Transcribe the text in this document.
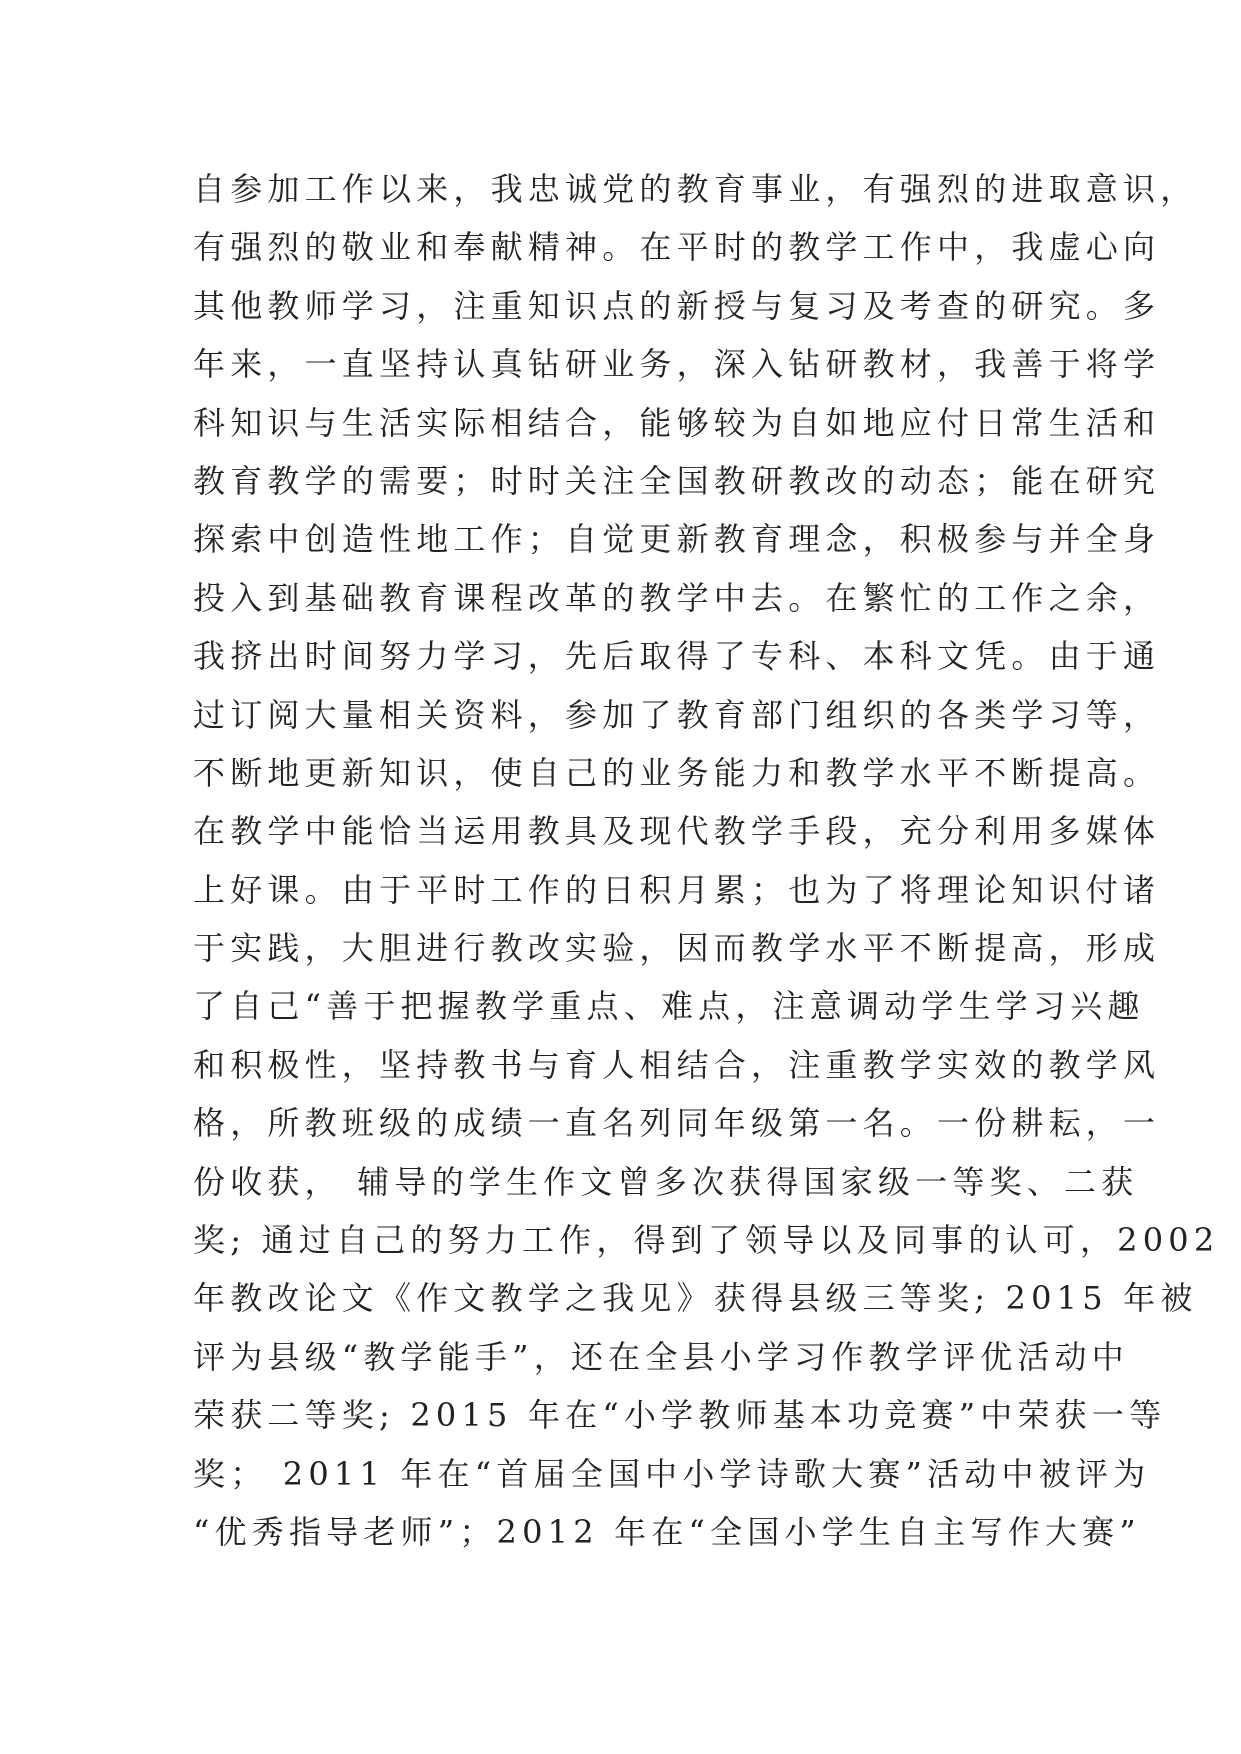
自参加工作以来，我忠诚党的教育事业，有强烈的进取意识，
有强烈的敬业和奉献精神。在平时的教学工作中，我虚心向
其他教师学习，注重知识点的新授与复习及考查的研究。多
年来，一直坚持认真钻研业务，深入钻研教材，我善于将学
科知识与生活实际相结合，能够较为自如地应付日常生活和
教育教学的需要；时时关注全国教研教改的动态；能在研究
探索中创造性地工作；自觉更新教育理念，积极参与并全身
投入到基础教育课程改革的教学中去。在繁忙的工作之余，
我挤出时间努力学习，先后取得了专科、本科文凭。由于通
过订阅大量相关资料，参加了教育部门组织的各类学习等，
不断地更新知识，使自己的业务能力和教学水平不断提高。
在教学中能恰当运用教具及现代教学手段，充分利用多媒体
上好课。由于平时工作的日积月累；也为了将理论知识付诸
于实践，大胆进行教改实验，因而教学水平不断提高，形成
了自己“善于把握教学重点、难点，注意调动学生学习兴趣
和积极性，坚持教书与育人相结合，注重教学实效的教学风
格，所教班级的成绩一直名列同年级第一名。一份耕耘，一
份收获， 辅导的学生作文曾多次获得国家级一等奖、二获
奖; 通过自己的努力工作，得到了领导以及同事的认可，2002
年教改论文《作文教学之我见》获得县级三等奖; 2015 年被
评为县级“教学能手”，还在全县小学习作教学评优活动中
荣获二等奖; 2015 年在“小学教师基本功竞赛”中荣获一等
奖； 2011 年在“首届全国中小学诗歌大赛”活动中被评为
“优秀指导老师”；2012 年在“全国小学生自主写作大赛”
